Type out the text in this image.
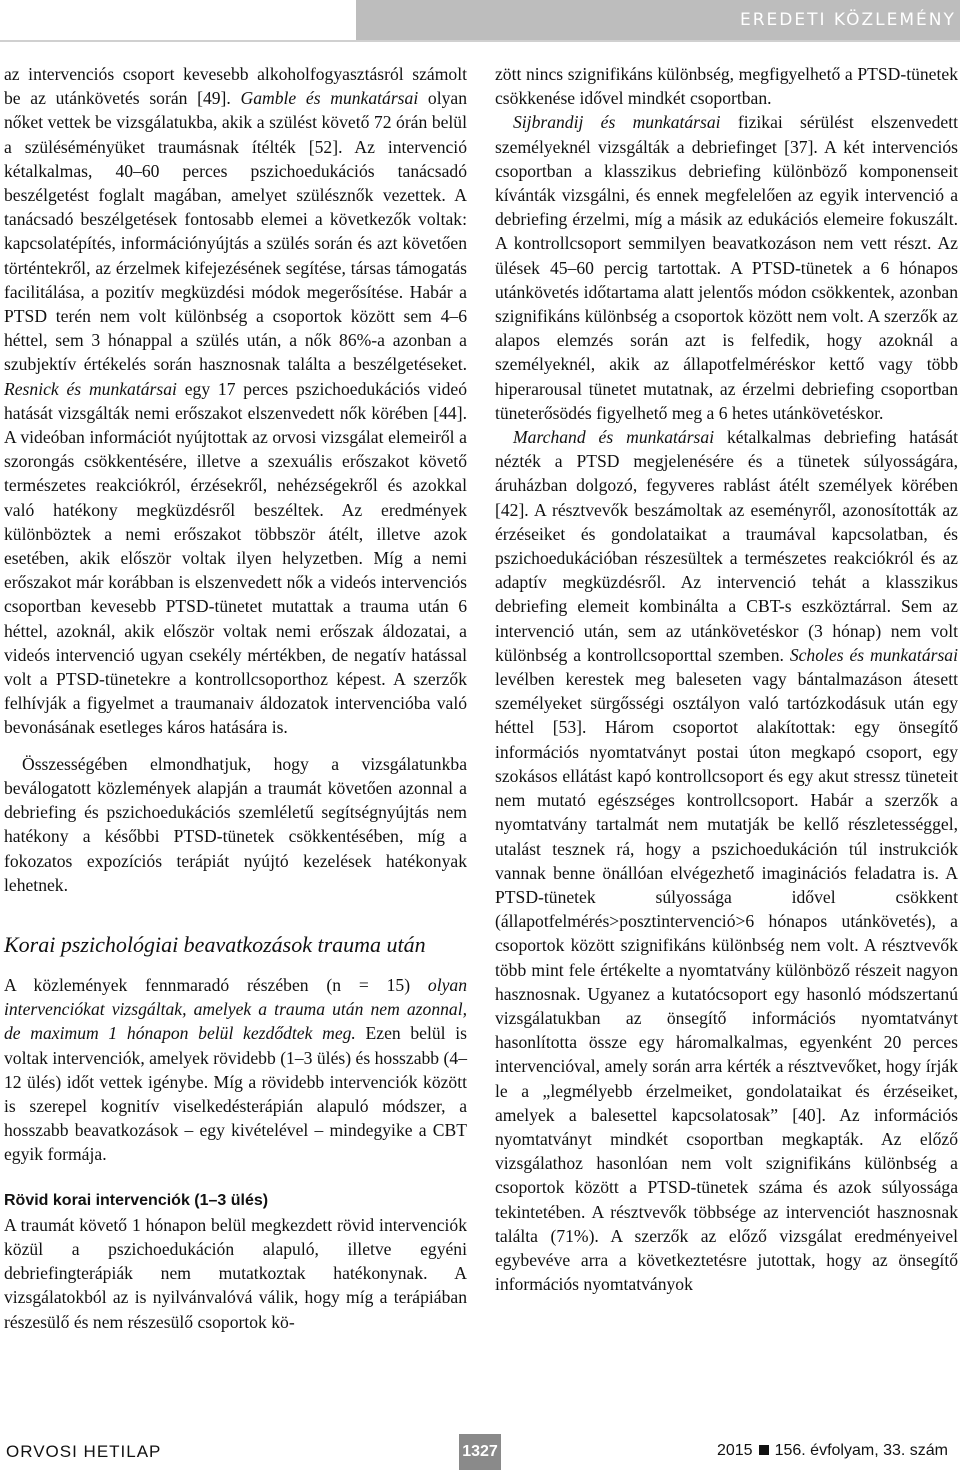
EREDETI KÖZLEMÉNY

az intervenciós csoport kevesebb alkoholfogyasztásról számolt be az utánkövetés során [49]. Gamble és munkatársai olyan nőket vettek be vizsgálatukba, akik a szülést követő 72 órán belül a szüléséményüket traumásnak ítélték [52]. Az intervenció kétalkalmas, 40–60 perces pszichoedukációs tanácsadó beszélgetést foglalt magában, amelyet szülésznők vezettek. A tanácsadó beszélgetések fontosabb elemei a következők voltak: kapcsolatépítés, információnyújtás a szülés során és azt követően történtekről, az érzelmek kifejezésének segítése, társas támogatás facilitálása, a pozitív megküzdési módok megerősítése. Habár a PTSD terén nem volt különbség a csoportok között sem 4–6 héttel, sem 3 hónappal a szülés után, a nők 86%-a azonban a szubjektív értékelés során hasznosnak találta a beszélgetéseket. Resnick és munkatársai egy 17 perces pszichoedukációs videó hatását vizsgálták nemi erőszakot elszenvedett nők körében [44]. A videóban információt nyújtottak az orvosi vizsgálat elemeiről a szorongás csökkentésére, illetve a szexuális erőszakot követő természetes reakciókról, érzésekről, nehézségekről és azokkal való hatékony megküzdésről beszéltek. Az eredmények különböztek a nemi erőszakot többször átélt, illetve azok esetében, akik először voltak ilyen helyzetben. Míg a nemi erőszakot már korábban is elszenvedett nők a videós intervenciós csoportban kevesebb PTSD-tünetet mutattak a trauma után 6 héttel, azoknál, akik először voltak nemi erőszak áldozatai, a videós intervenció ugyan csekély mértékben, de negatív hatással volt a PTSD-tünetekre a kontrollcsoporthoz képest. A szerzők felhívják a figyelmet a traumanaiv áldozatok intervencióba való bevonásának esetleges káros hatására is.

Összességében elmondhatjuk, hogy a vizsgálatunkba beválogatott közlemények alapján a traumát követően azonnal a debriefing és pszichoedukációs szemléletű segítségnyújtás nem hatékony a későbbi PTSD-tünetek csökkentésében, míg a fokozatos expozíciós terápiát nyújtó kezelések hatékonyak lehetnek.

Korai pszichológiai beavatkozások trauma után

A közlemények fennmaradó részében (n = 15) olyan intervenciókat vizsgáltak, amelyek a trauma után nem azonnal, de maximum 1 hónapon belül kezdődtek meg. Ezen belül is voltak intervenciók, amelyek rövidebb (1–3 ülés) és hosszabb (4–12 ülés) időt vettek igénybe. Míg a rövidebb intervenciók között is szerepel kognitív viselkedésterápián alapuló módszer, a hosszabb beavatkozások – egy kivételével – mindegyike a CBT egyik formája.

Rövid korai intervenciók (1–3 ülés)

A traumát követő 1 hónapon belül megkezdett rövid intervenciók közül a pszichoedukáción alapuló, illetve egyéni debriefingterápiák nem mutatkoztak hatékonynak. A vizsgálatokból az is nyilvánvalóvá válik, hogy míg a terápiában részesülő és nem részesülő csoportok kö-

zött nincs szignifikáns különbség, megfigyelhető a PTSD-tünetek csökkenése idővel mindkét csoportban.

Sijbrandij és munkatársai fizikai sérülést elszenvedett személyeknél vizsgálták a debriefinget [37]. A két intervenciós csoportban a klasszikus debriefing különböző komponenseit kívánták vizsgálni, és ennek megfelelően az egyik intervenció a debriefing érzelmi, míg a másik az edukációs elemeire fokuszált. A kontrollcsoport semmilyen beavatkozáson nem vett részt. Az ülések 45–60 percig tartottak. A PTSD-tünetek a 6 hónapos utánkövetés időtartama alatt jelentős módon csökkentek, azonban szignifikáns különbség a csoportok között nem volt. A szerzők az alapos elemzés során azt is felfedik, hogy azoknál a személyeknél, akik az állapotfelméréskor kettő vagy több hiperarousal tünetet mutatnak, az érzelmi debriefing csoportban tüneterősödés figyelhető meg a 6 hetes utánkövetéskor.

Marchand és munkatársai kétalkalmas debriefing hatását nézték a PTSD megjelenésére és a tünetek súlyosságára, áruházban dolgozó, fegyveres rablást átélt személyek körében [42]. A résztvevők beszámoltak az eseményről, azonosították az érzéseiket és gondolataikat a traumával kapcsolatban, és pszichoedukációban részesültek a természetes reakciókról és az adaptív megküzdésről. Az intervenció tehát a klasszikus debriefing elemeit kombinálta a CBT-s eszköztárral. Sem az intervenció után, sem az utánkövetéskor (3 hónap) nem volt különbség a kontrollcsoporttal szemben. Scholes és munkatársai levélben kerestek meg baleseten vagy bántalmazáson átesett személyeket sürgősségi osztályon való tartózkodásuk után egy héttel [53]. Három csoportot alakítottak: egy önsegítő információs nyomtatványt postai úton megkapó csoport, egy szokásos ellátást kapó kontrollcsoport és egy akut stressz tüneteit nem mutató egészséges kontrollcsoport. Habár a szerzők a nyomtatvány tartalmát nem mutatják be kellő részletességgel, utalást tesznek rá, hogy a pszichoedukáción túl instrukciók vannak benne önállóan elvégezhető imaginációs feladatra is. A PTSD-tünetek súlyossága idővel csökkent (állapotfelmérés>posztintervenció>6 hónapos utánkövetés), a csoportok között szignifikáns különbség nem volt. A résztvevők több mint fele értékelte a nyomtatvány különböző részeit nagyon hasznosnak. Ugyanez a kutatócsoport egy hasonló módszertanú vizsgálatukban az önsegítő információs nyomtatványt hasonlította össze egy háromalkalmas, egyenként 20 perces intervencióval, amely során arra kérték a résztvevőket, hogy írják le a „legmélyebb érzelmeiket, gondolataikat és érzéseiket, amelyek a balesettel kapcsolatosak” [40]. Az információs nyomtatványt mindkét csoportban megkapták. Az előző vizsgálathoz hasonlóan nem volt szignifikáns különbség a csoportok között a PTSD-tünetek száma és azok súlyossága tekintetében. A résztvevők többsége az intervenciót hasznosnak találta (71%). A szerzők az előző vizsgálat eredményeivel egybevéve arra a következtetésre jutottak, hogy az önsegítő információs nyomtatványok

ORVOSI HETILAP	1327	2015 156. évfolyam, 33. szám
